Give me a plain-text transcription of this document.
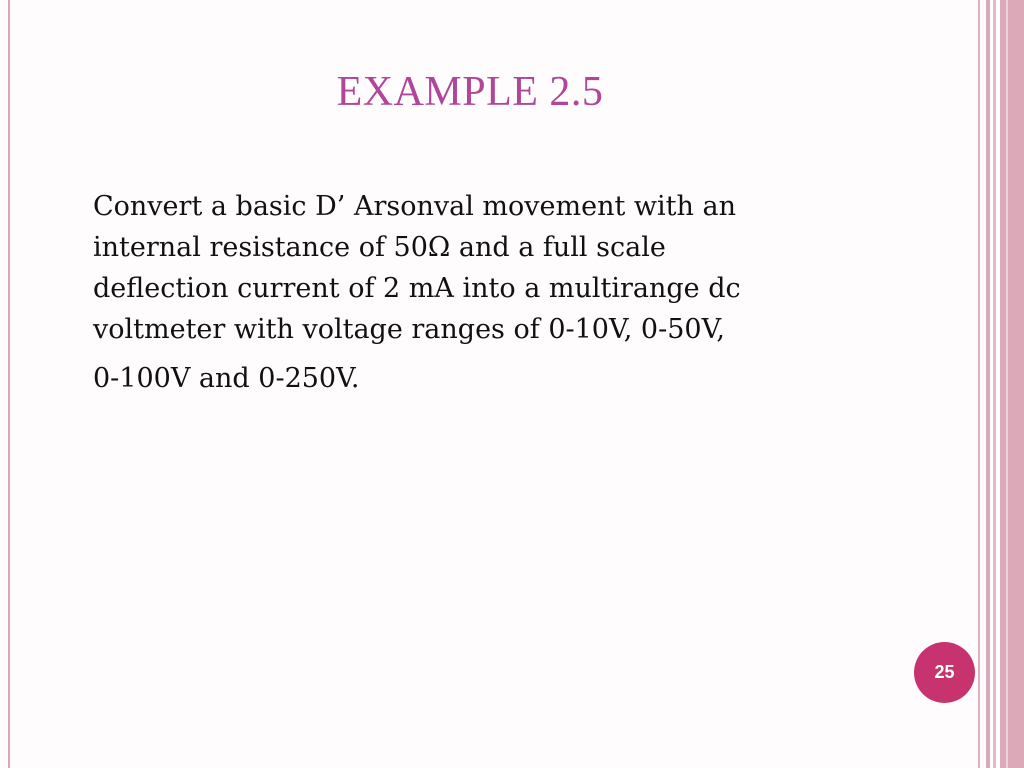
EXAMPLE 2.5
Convert a basic D’ Arsonval movement with an
internal resistance of 50Ω and a full scale
deflection current of 2 mA into a multirange dc
voltmeter with voltage ranges of 0-10V, 0-50V,
0-100V and 0-250V.
25
